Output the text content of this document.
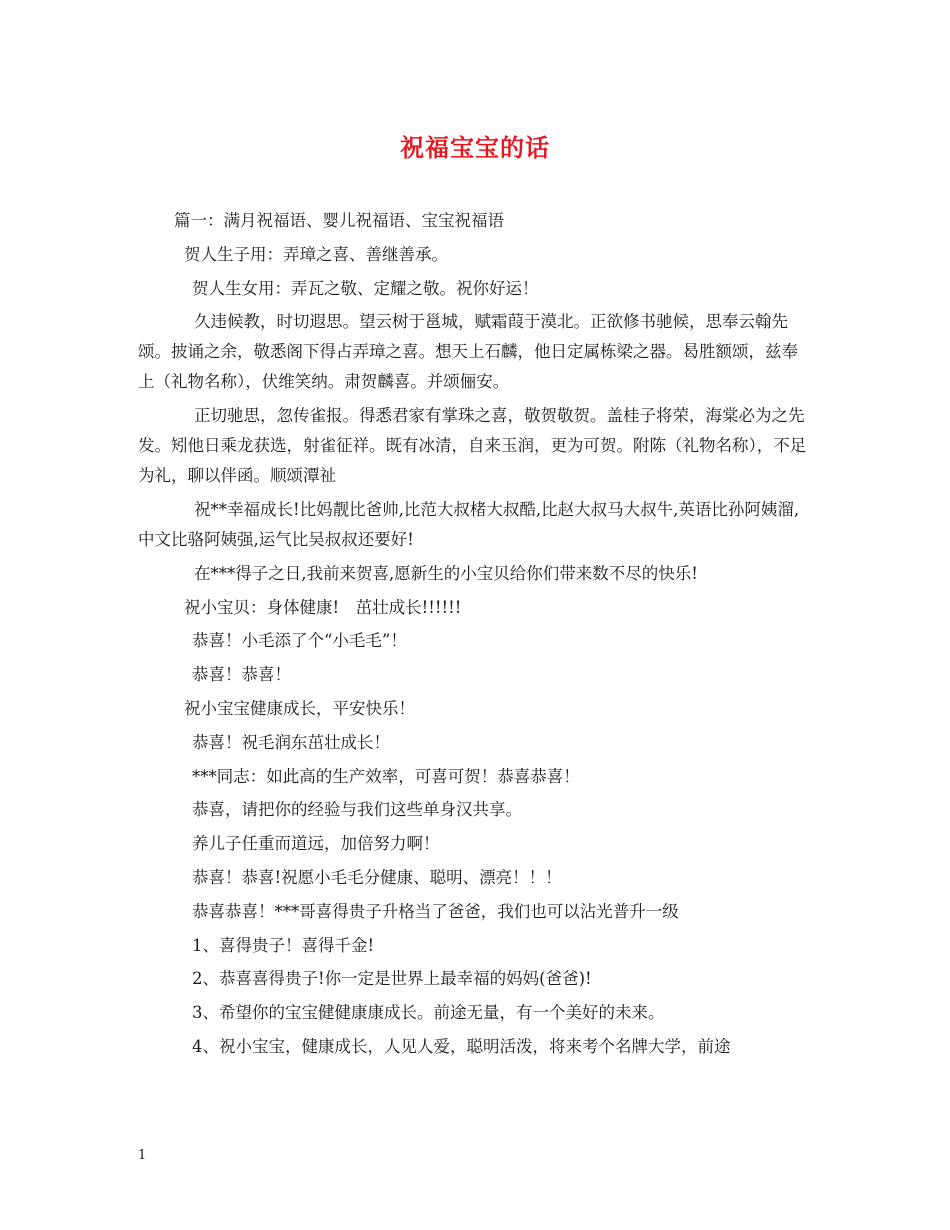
祝福宝宝的话

篇一：满月祝福语、婴儿祝福语、宝宝祝福语

贺人生子用：弄璋之喜、善继善承。

贺人生女用：弄瓦之敬、定耀之敬。祝你好运！

久违候教，时切遐思。望云树于邕城，赋霜葭于漠北。正欲修书驰候，思奉云翰先颂。披诵之余，敬悉阁下得占弄璋之喜。想天上石麟，他日定属栋梁之器。曷胜额颂，兹奉上（礼物名称），伏维笑纳。肃贺麟喜。并颂俪安。

正切驰思，忽传雀报。得悉君家有掌珠之喜，敬贺敬贺。盖桂子将荣，海棠必为之先发。矧他日乘龙获选，射雀征祥。既有冰清，自来玉润，更为可贺。附陈（礼物名称），不足为礼，聊以伴函。顺颂潭祉

祝**幸福成长!比妈靓比爸帅,比范大叔楮大叔酷,比赵大叔马大叔牛,英语比孙阿姨溜,中文比骆阿姨强,运气比吴叔叔还要好!

在***得子之日,我前来贺喜,愿新生的小宝贝给你们带来数不尽的快乐!

祝小宝贝：身体健康!　茁壮成长!!!!!!

恭喜！小毛添了个“小毛毛”！

恭喜！恭喜！

祝小宝宝健康成长，平安快乐！

恭喜！祝毛润东茁壮成长！

***同志：如此高的生产效率，可喜可贺！恭喜恭喜！

恭喜，请把你的经验与我们这些单身汉共享。

养儿子任重而道远，加倍努力啊！

恭喜！恭喜!祝愿小毛毛分健康、聪明、漂亮！！！

恭喜恭喜！***哥喜得贵子升格当了爸爸，我们也可以沾光普升一级

1、喜得贵子！喜得千金!

2、恭喜喜得贵子!你一定是世界上最幸福的妈妈(爸爸)!

3、希望你的宝宝健健康康成长。前途无量，有一个美好的未来。

4、祝小宝宝，健康成长，人见人爱，聪明活泼，将来考个名牌大学，前途

1
